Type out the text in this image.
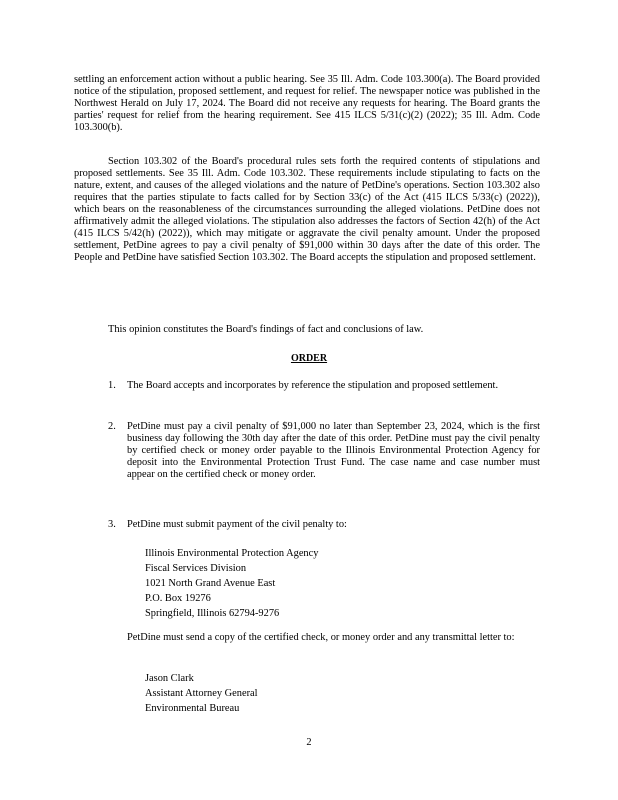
settling an enforcement action without a public hearing. See 35 Ill. Adm. Code 103.300(a). The Board provided notice of the stipulation, proposed settlement, and request for relief. The newspaper notice was published in the Northwest Herald on July 17, 2024. The Board did not receive any requests for hearing. The Board grants the parties' request for relief from the hearing requirement. See 415 ILCS 5/31(c)(2) (2022); 35 Ill. Adm. Code 103.300(b).

Section 103.302 of the Board's procedural rules sets forth the required contents of stipulations and proposed settlements. See 35 Ill. Adm. Code 103.302. These requirements include stipulating to facts on the nature, extent, and causes of the alleged violations and the nature of PetDine's operations. Section 103.302 also requires that the parties stipulate to facts called for by Section 33(c) of the Act (415 ILCS 5/33(c) (2022)), which bears on the reasonableness of the circumstances surrounding the alleged violations. PetDine does not affirmatively admit the alleged violations. The stipulation also addresses the factors of Section 42(h) of the Act (415 ILCS 5/42(h) (2022)), which may mitigate or aggravate the civil penalty amount. Under the proposed settlement, PetDine agrees to pay a civil penalty of $91,000 within 30 days after the date of this order. The People and PetDine have satisfied Section 103.302. The Board accepts the stipulation and proposed settlement.

This opinion constitutes the Board's findings of fact and conclusions of law.

ORDER

1.	The Board accepts and incorporates by reference the stipulation and proposed settlement.
2.	PetDine must pay a civil penalty of $91,000 no later than September 23, 2024, which is the first business day following the 30th day after the date of this order. PetDine must pay the civil penalty by certified check or money order payable to the Illinois Environmental Protection Agency for deposit into the Environmental Protection Trust Fund. The case name and case number must appear on the certified check or money order.
3.	PetDine must submit payment of the civil penalty to:
Illinois Environmental Protection Agency
Fiscal Services Division
1021 North Grand Avenue East
P.O. Box 19276
Springfield, Illinois 62794-9276

PetDine must send a copy of the certified check, or money order and any transmittal letter to:

Jason Clark
Assistant Attorney General
Environmental Bureau
2
